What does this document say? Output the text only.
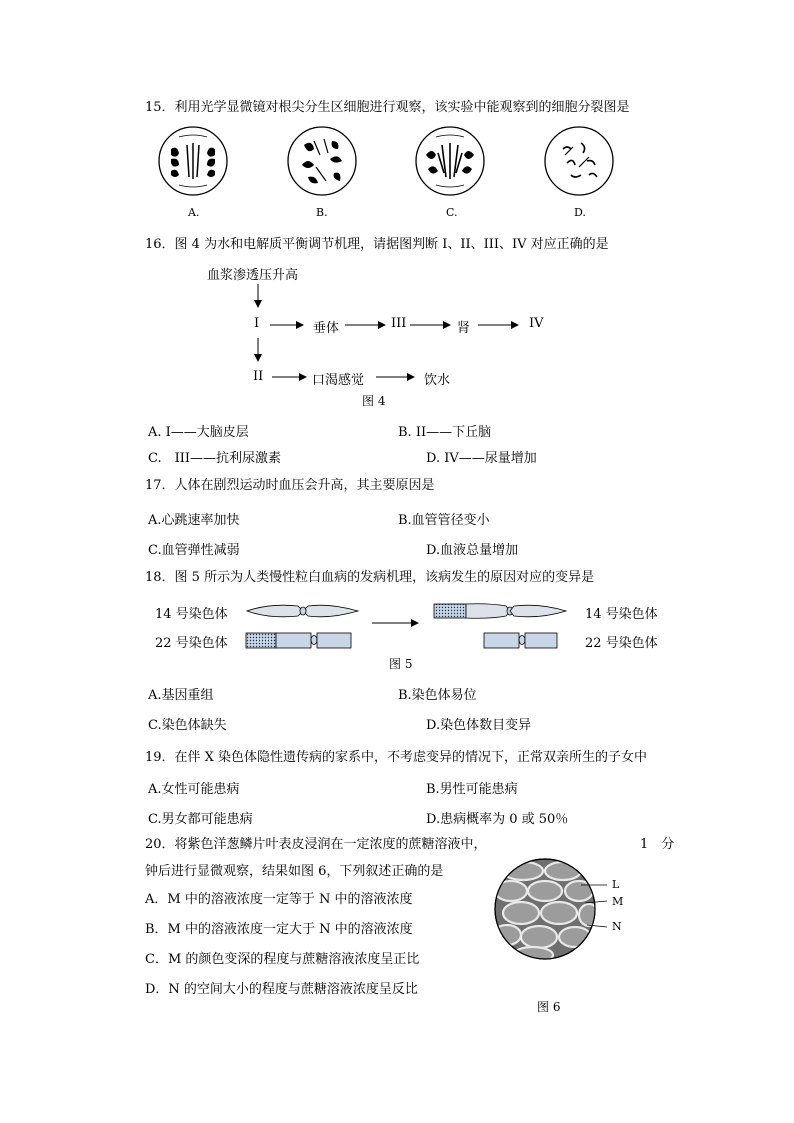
15．利用光学显微镜对根尖分生区细胞进行观察，该实验中能观察到的细胞分裂图是
A.	B.	C.	D.
16．图 4 为水和电解质平衡调节机理，请据图判断 I、II、III、IV 对应正确的是
血浆渗透压升高
I	垂体	III	肾	IV
II	口渴感觉	饮水
图 4
A. I——大脑皮层	B. II——下丘脑
C.　III——抗利尿激素	D. IV——尿量增加
17．人体在剧烈运动时血压会升高，其主要原因是
A.心跳速率加快	B.血管管径变小
C.血管弹性减弱	D.血液总量增加
18．图 5 所示为人类慢性粒白血病的发病机理，该病发生的原因对应的变异是
14 号染色体
22 号染色体
14 号染色体
22 号染色体
图 5
A.基因重组	B.染色体易位
C.染色体缺失	D.染色体数目变异
19．在伴 X 染色体隐性遗传病的家系中，不考虑变异的情况下，正常双亲所生的子女中
A.女性可能患病	B.男性可能患病
C.男女都可能患病	D.患病概率为 0 或 50％
20．将紫色洋葱鳞片叶表皮浸润在一定浓度的蔗糖溶液中，	1　分
钟后进行显微观察，结果如图 6，下列叙述正确的是
A．M 中的溶液浓度一定等于 N 中的溶液浓度
B．M 中的溶液浓度一定大于 N 中的溶液浓度
C．M 的颜色变深的程度与蔗糖溶液浓度呈正比
D．N 的空间大小的程度与蔗糖溶液浓度呈反比
L
M
N
图 6
